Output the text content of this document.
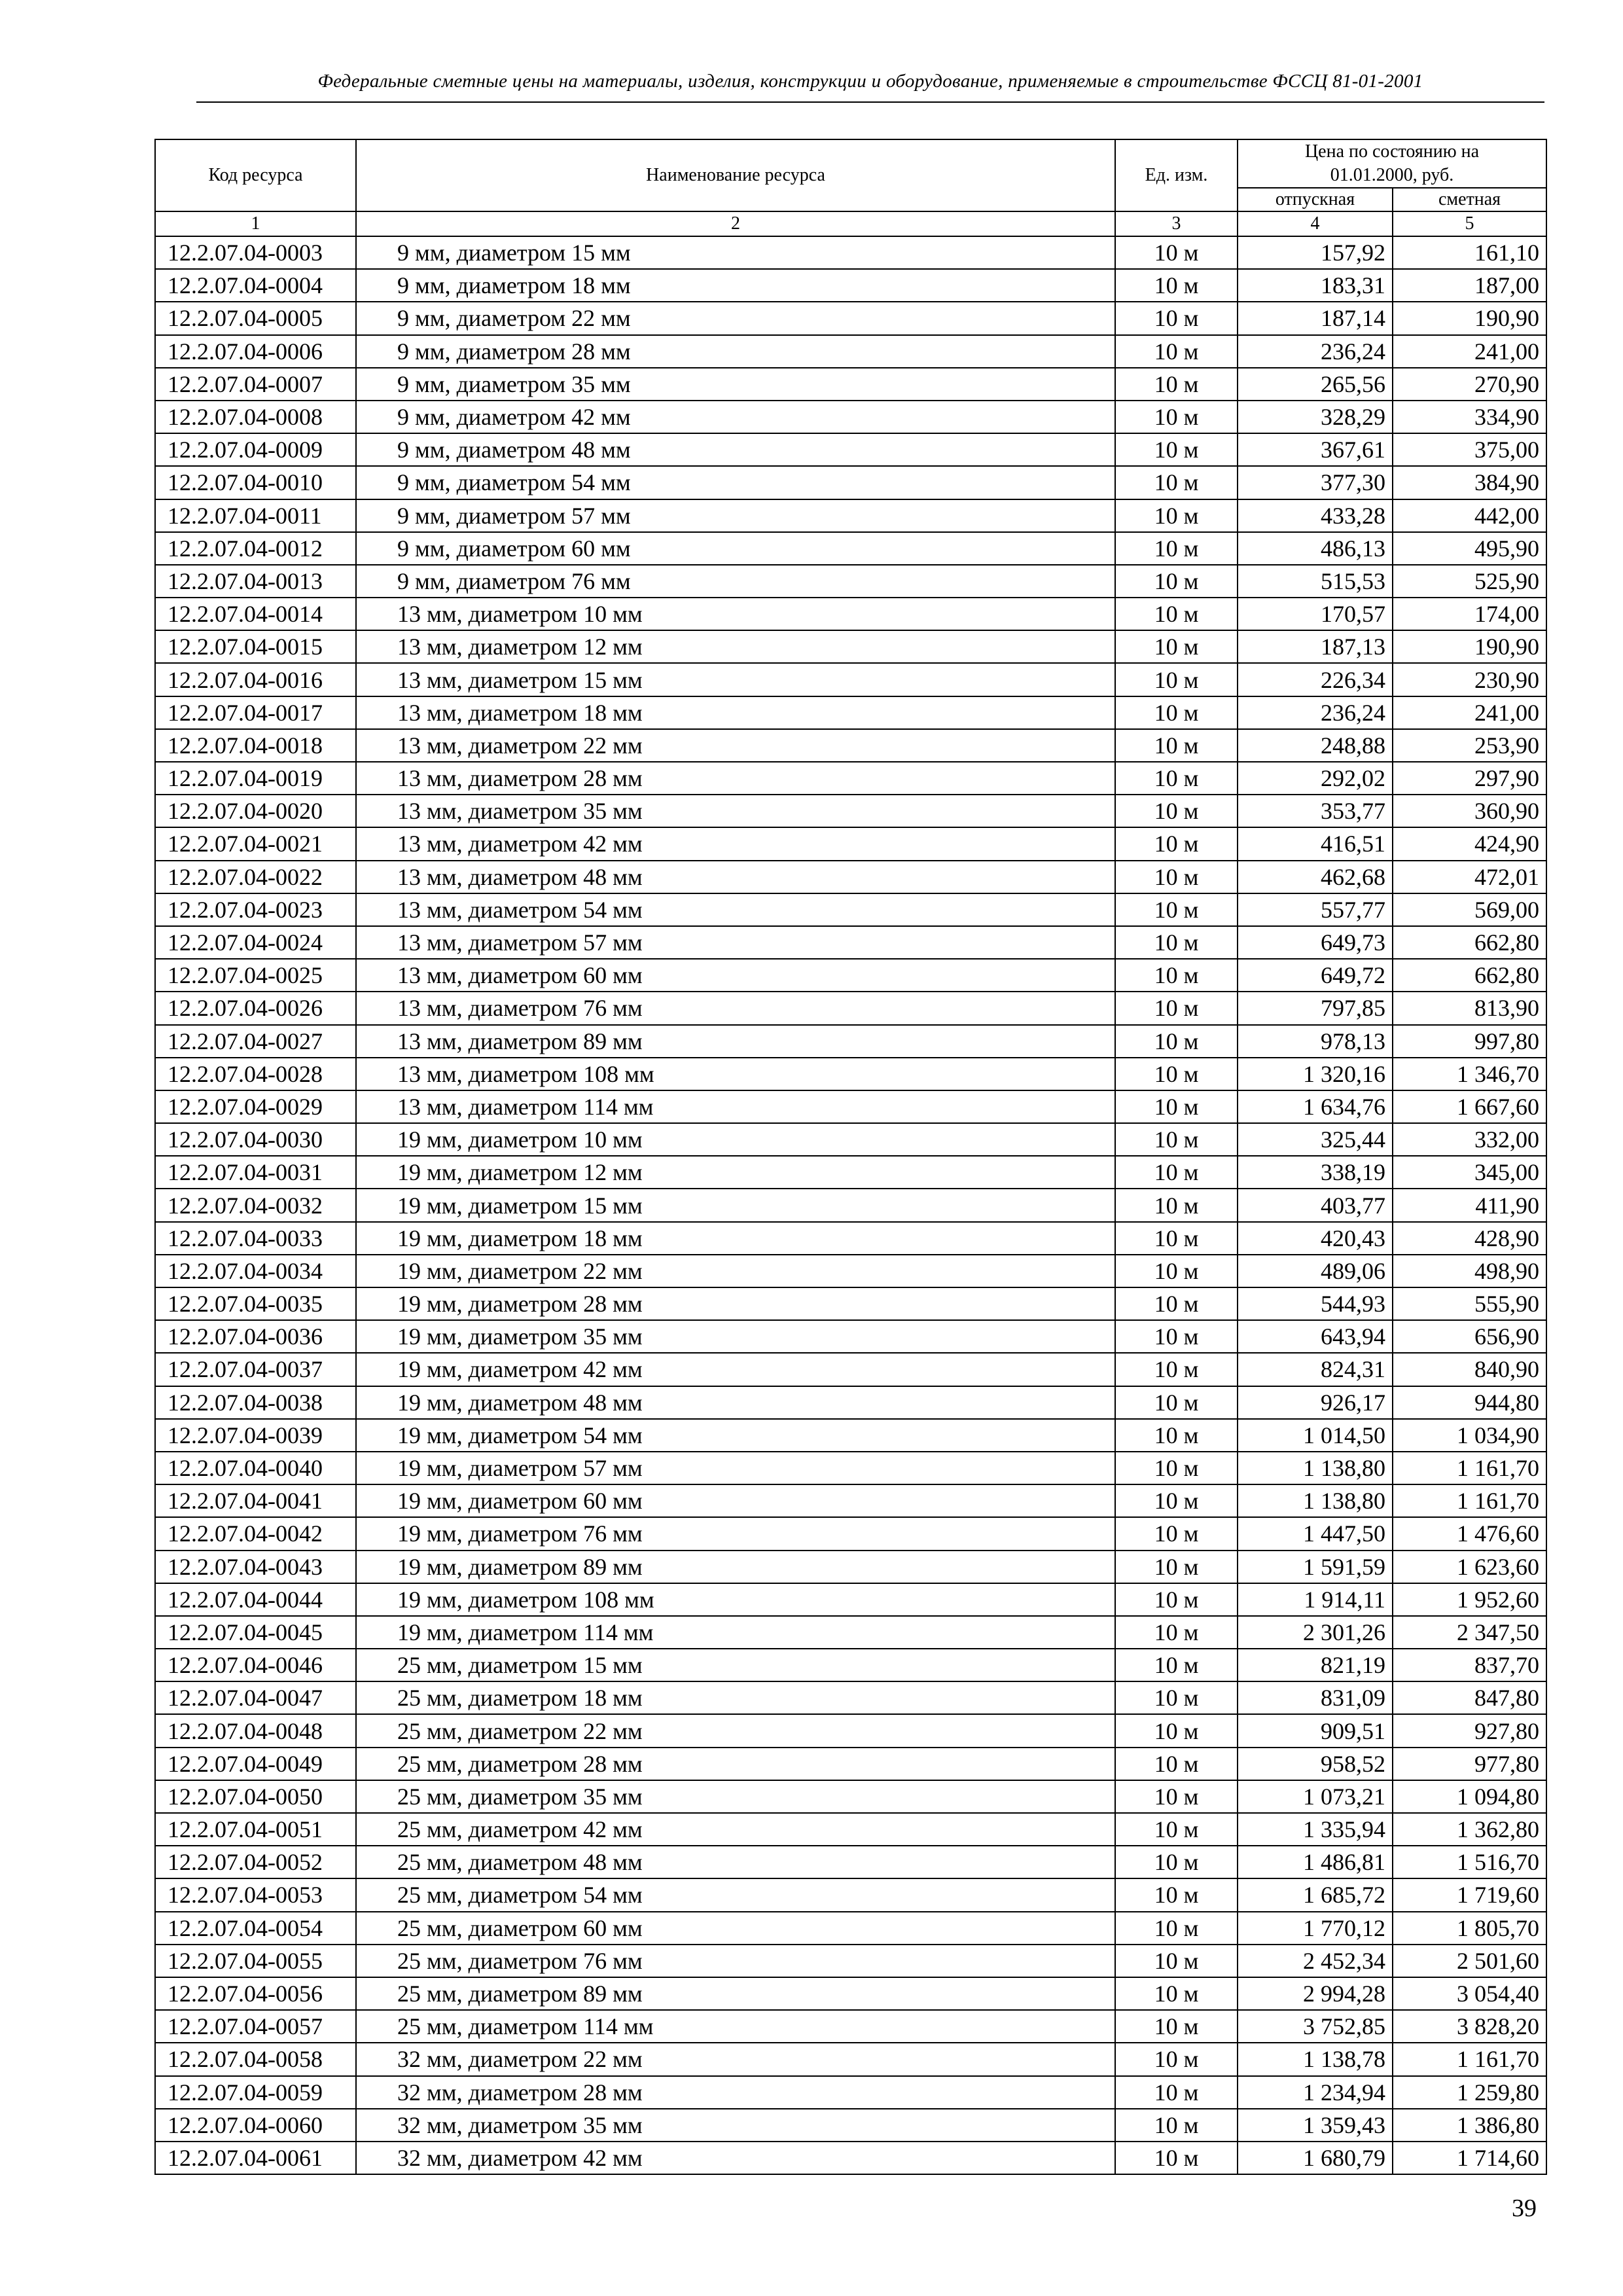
Федеральные сметные цены на материалы, изделия, конструкции и оборудование, применяемые в строительстве ФССЦ 81-01-2001
Код ресурса	Наименование ресурса	Ед. изм.	Цена по состоянию на	
			01.01.2000, руб.	
			отпускная	сметная
1	2	3	4	5
12.2.07.04-0003	9 мм, диаметром 15 мм	10 м	157,92	161,10
12.2.07.04-0004	9 мм, диаметром 18 мм	10 м	183,31	187,00
12.2.07.04-0005	9 мм, диаметром 22 мм	10 м	187,14	190,90
12.2.07.04-0006	9 мм, диаметром 28 мм	10 м	236,24	241,00
12.2.07.04-0007	9 мм, диаметром 35 мм	10 м	265,56	270,90
12.2.07.04-0008	9 мм, диаметром 42 мм	10 м	328,29	334,90
12.2.07.04-0009	9 мм, диаметром 48 мм	10 м	367,61	375,00
12.2.07.04-0010	9 мм, диаметром 54 мм	10 м	377,30	384,90
12.2.07.04-0011	9 мм, диаметром 57 мм	10 м	433,28	442,00
12.2.07.04-0012	9 мм, диаметром 60 мм	10 м	486,13	495,90
12.2.07.04-0013	9 мм, диаметром 76 мм	10 м	515,53	525,90
12.2.07.04-0014	13 мм, диаметром 10 мм	10 м	170,57	174,00
12.2.07.04-0015	13 мм, диаметром 12 мм	10 м	187,13	190,90
12.2.07.04-0016	13 мм, диаметром 15 мм	10 м	226,34	230,90
12.2.07.04-0017	13 мм, диаметром 18 мм	10 м	236,24	241,00
12.2.07.04-0018	13 мм, диаметром 22 мм	10 м	248,88	253,90
12.2.07.04-0019	13 мм, диаметром 28 мм	10 м	292,02	297,90
12.2.07.04-0020	13 мм, диаметром 35 мм	10 м	353,77	360,90
12.2.07.04-0021	13 мм, диаметром 42 мм	10 м	416,51	424,90
12.2.07.04-0022	13 мм, диаметром 48 мм	10 м	462,68	472,01
12.2.07.04-0023	13 мм, диаметром 54 мм	10 м	557,77	569,00
12.2.07.04-0024	13 мм, диаметром 57 мм	10 м	649,73	662,80
12.2.07.04-0025	13 мм, диаметром 60 мм	10 м	649,72	662,80
12.2.07.04-0026	13 мм, диаметром 76 мм	10 м	797,85	813,90
12.2.07.04-0027	13 мм, диаметром 89 мм	10 м	978,13	997,80
12.2.07.04-0028	13 мм, диаметром 108 мм	10 м	1 320,16	1 346,70
12.2.07.04-0029	13 мм, диаметром 114 мм	10 м	1 634,76	1 667,60
12.2.07.04-0030	19 мм, диаметром 10 мм	10 м	325,44	332,00
12.2.07.04-0031	19 мм, диаметром 12 мм	10 м	338,19	345,00
12.2.07.04-0032	19 мм, диаметром 15 мм	10 м	403,77	411,90
12.2.07.04-0033	19 мм, диаметром 18 мм	10 м	420,43	428,90
12.2.07.04-0034	19 мм, диаметром 22 мм	10 м	489,06	498,90
12.2.07.04-0035	19 мм, диаметром 28 мм	10 м	544,93	555,90
12.2.07.04-0036	19 мм, диаметром 35 мм	10 м	643,94	656,90
12.2.07.04-0037	19 мм, диаметром 42 мм	10 м	824,31	840,90
12.2.07.04-0038	19 мм, диаметром 48 мм	10 м	926,17	944,80
12.2.07.04-0039	19 мм, диаметром 54 мм	10 м	1 014,50	1 034,90
12.2.07.04-0040	19 мм, диаметром 57 мм	10 м	1 138,80	1 161,70
12.2.07.04-0041	19 мм, диаметром 60 мм	10 м	1 138,80	1 161,70
12.2.07.04-0042	19 мм, диаметром 76 мм	10 м	1 447,50	1 476,60
12.2.07.04-0043	19 мм, диаметром 89 мм	10 м	1 591,59	1 623,60
12.2.07.04-0044	19 мм, диаметром 108 мм	10 м	1 914,11	1 952,60
12.2.07.04-0045	19 мм, диаметром 114 мм	10 м	2 301,26	2 347,50
12.2.07.04-0046	25 мм, диаметром 15 мм	10 м	821,19	837,70
12.2.07.04-0047	25 мм, диаметром 18 мм	10 м	831,09	847,80
12.2.07.04-0048	25 мм, диаметром 22 мм	10 м	909,51	927,80
12.2.07.04-0049	25 мм, диаметром 28 мм	10 м	958,52	977,80
12.2.07.04-0050	25 мм, диаметром 35 мм	10 м	1 073,21	1 094,80
12.2.07.04-0051	25 мм, диаметром 42 мм	10 м	1 335,94	1 362,80
12.2.07.04-0052	25 мм, диаметром 48 мм	10 м	1 486,81	1 516,70
12.2.07.04-0053	25 мм, диаметром 54 мм	10 м	1 685,72	1 719,60
12.2.07.04-0054	25 мм, диаметром 60 мм	10 м	1 770,12	1 805,70
12.2.07.04-0055	25 мм, диаметром 76 мм	10 м	2 452,34	2 501,60
12.2.07.04-0056	25 мм, диаметром 89 мм	10 м	2 994,28	3 054,40
12.2.07.04-0057	25 мм, диаметром 114 мм	10 м	3 752,85	3 828,20
12.2.07.04-0058	32 мм, диаметром 22 мм	10 м	1 138,78	1 161,70
12.2.07.04-0059	32 мм, диаметром 28 мм	10 м	1 234,94	1 259,80
12.2.07.04-0060	32 мм, диаметром 35 мм	10 м	1 359,43	1 386,80
12.2.07.04-0061	32 мм, диаметром 42 мм	10 м	1 680,79	1 714,60
39
